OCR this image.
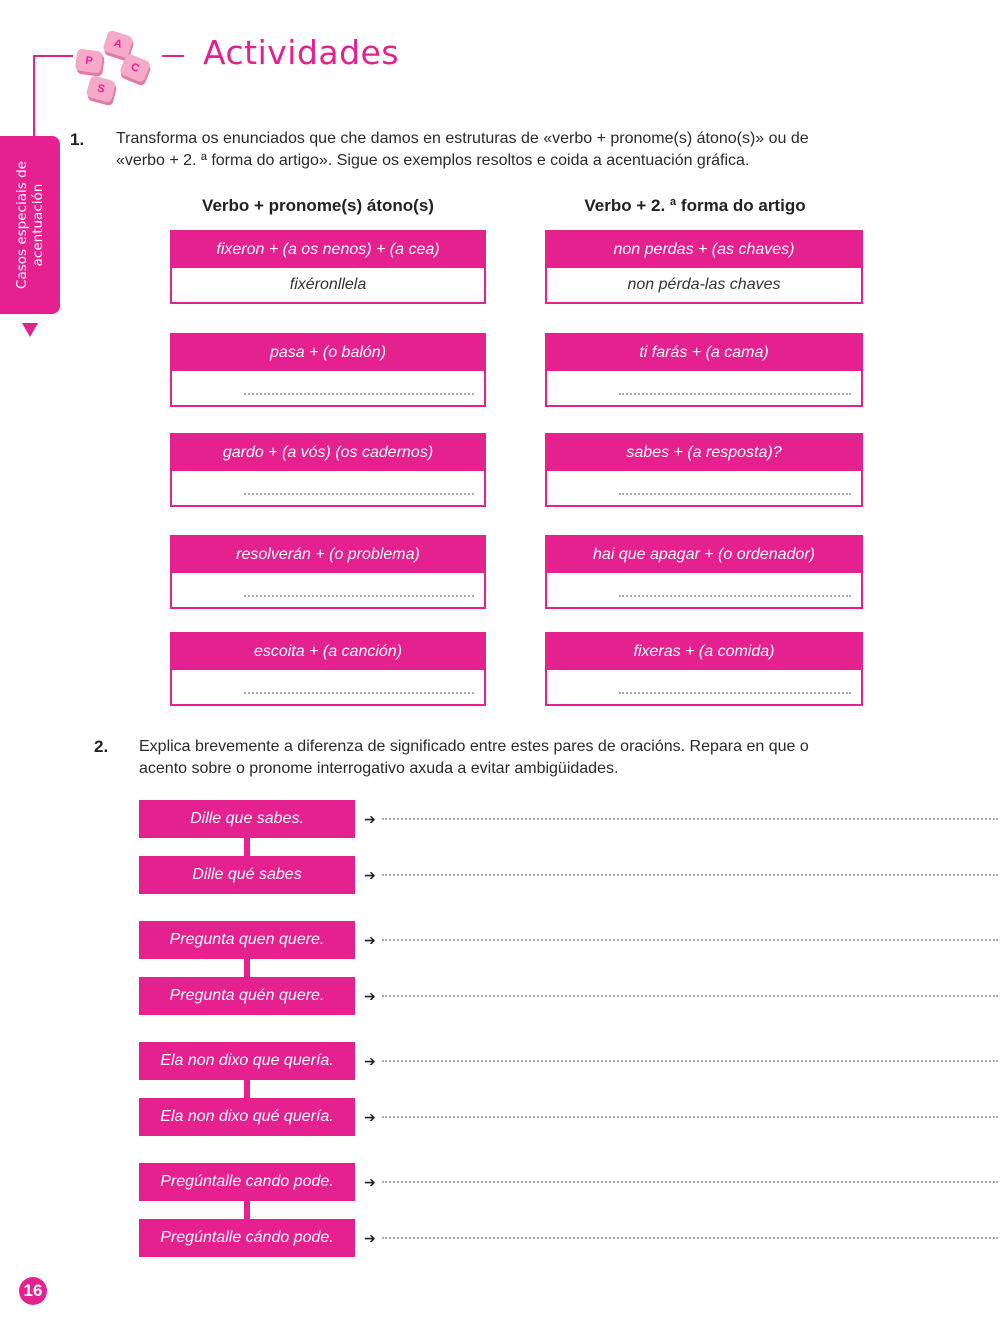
A
P	C
S
Actividades
Casos especiais de acentuación
1. Transforma os enunciados que che damos en estruturas de «verbo + pronome(s) átono(s)» ou de
«verbo + 2. ª forma do artigo». Sigue os exemplos resoltos e coida a acentuación gráfica.
Verbo + pronome(s) átono(s)	Verbo + 2. ª forma do artigo
fixeron + (a os nenos) + (a cea)
fixéronllela
pasa + (o balón)
gardo + (a vós) (os cadernos)
resolverán + (o problema)
escoita + (a canción)
non perdas + (as chaves)
non pérda-las chaves
ti farás + (a cama)
sabes + (a resposta)?
hai que apagar + (o ordenador)
fixeras + (a comida)
2. Explica brevemente a diferenza de significado entre estes pares de oracións. Repara en que o
acento sobre o pronome interrogativo axuda a evitar ambigüidades.
Dille que sabes.
Dille qué sabes
➔
➔
Pregunta quen quere.
Pregunta quén quere.
➔
➔
Ela non dixo que quería.
Ela non dixo qué quería.
➔
➔
Pregúntalle cando pode.
Pregúntalle cándo pode.
➔
➔
16
